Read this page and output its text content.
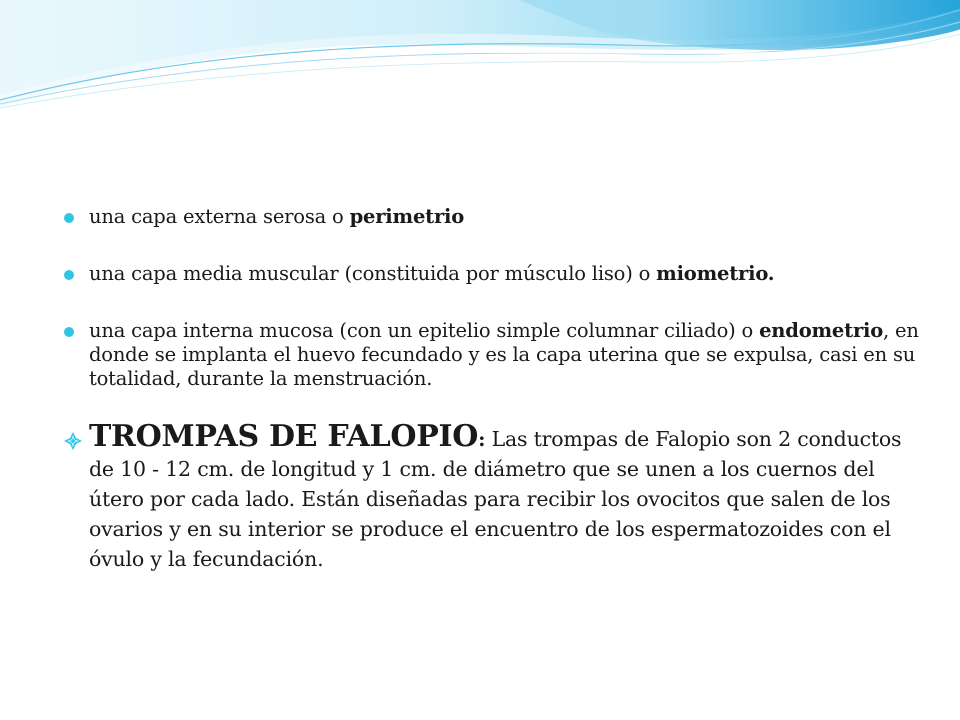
una capa externa serosa o perimetrio
una capa media muscular (constituida por músculo liso) o miometrio.
una capa interna mucosa (con un epitelio simple columnar ciliado) o endometrio, en donde se implanta el huevo fecundado y es la capa uterina que se expulsa, casi en su totalidad, durante la menstruación.
TROMPAS DE FALOPIO: Las trompas de Falopio son 2 conductos de 10 - 12 cm. de longitud y 1 cm. de diámetro que se unen a los cuernos del útero por cada lado. Están diseñadas para recibir los ovocitos que salen de los ovarios y en su interior se produce el encuentro de los espermatozoides con el óvulo y la fecundación.
